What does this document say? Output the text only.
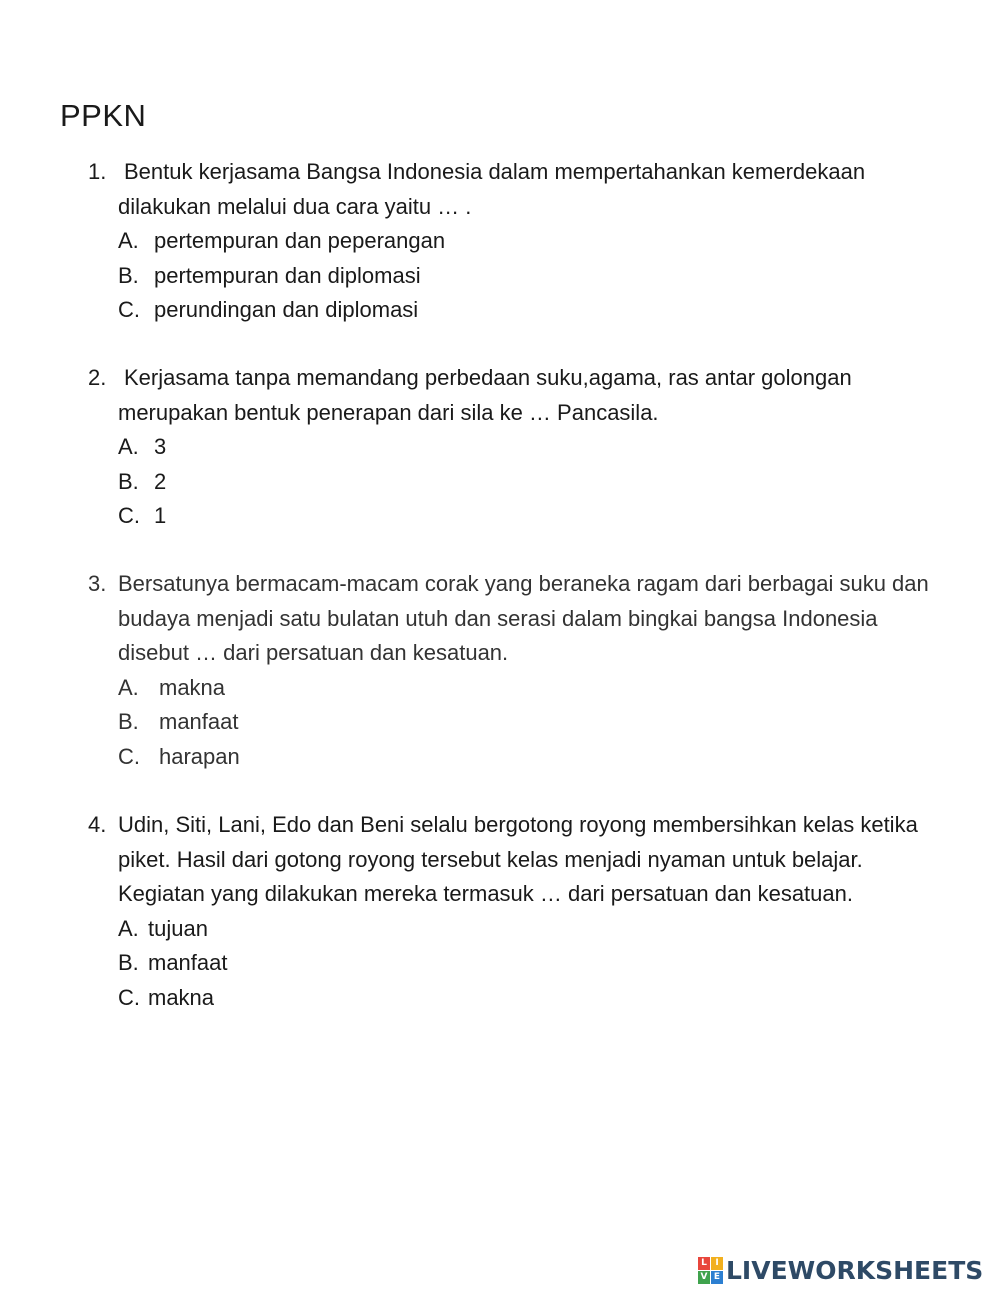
PPKN
1. Bentuk kerjasama Bangsa Indonesia dalam mempertahankan kemerdekaan dilakukan melalui dua cara yaitu … .
A. pertempuran dan peperangan
B. pertempuran dan diplomasi
C. perundingan dan diplomasi
2. Kerjasama tanpa memandang perbedaan suku,agama, ras antar golongan merupakan bentuk penerapan dari sila ke … Pancasila.
A. 3
B. 2
C. 1
3. Bersatunya bermacam-macam corak yang beraneka ragam dari berbagai suku dan budaya menjadi satu bulatan utuh dan serasi dalam bingkai bangsa Indonesia disebut … dari persatuan dan kesatuan.
A. makna
B. manfaat
C. harapan
4. Udin, Siti, Lani, Edo dan Beni selalu bergotong royong membersihkan kelas ketika piket. Hasil dari gotong royong tersebut kelas menjadi nyaman untuk belajar. Kegiatan yang dilakukan mereka termasuk … dari persatuan dan kesatuan.
A. tujuan
B. manfaat
C. makna
L I
V E LIVEWORKSHEETS
